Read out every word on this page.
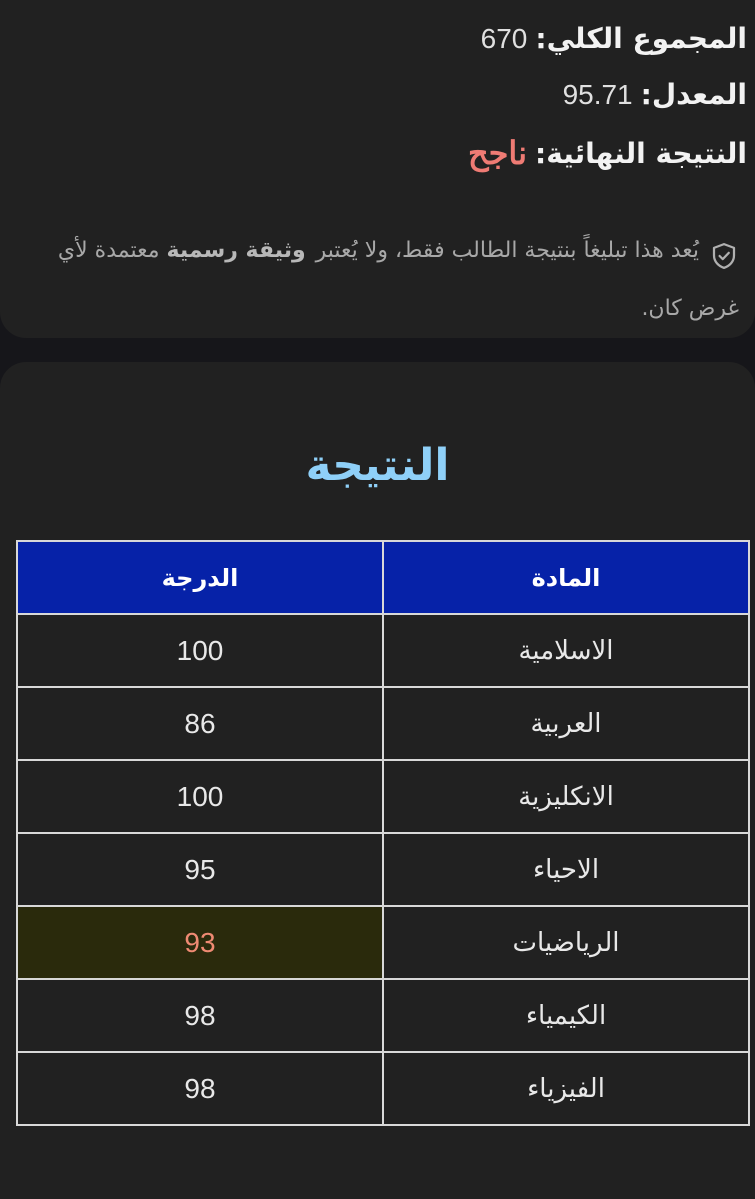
المجموع الكلي:
670
المعدل:
95.71
النتيجة النهائية:
ناجح
يُعد هذا تبليغاً بنتيجة الطالب فقط، ولا يُعتبروثيقة رسمية معتمدة لأي غرض كان.
النتيجة
المادة	الدرجة
الاسلامية	100
العربية	86
الانكليزية	100
الاحياء	95
الرياضيات	93
الكيمياء	98
الفيزياء	98
